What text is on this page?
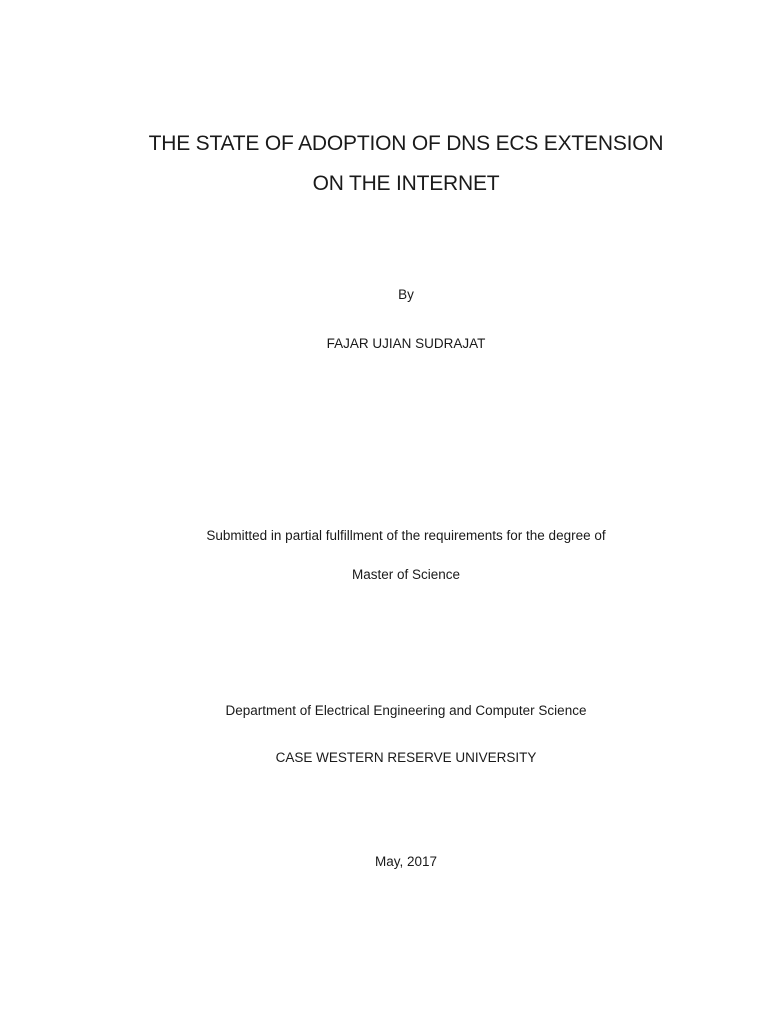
THE STATE OF ADOPTION OF DNS ECS EXTENSION
ON THE INTERNET
By
FAJAR UJIAN SUDRAJAT
Submitted in partial fulfillment of the requirements for the degree of
Master of Science
Department of Electrical Engineering and Computer Science
CASE WESTERN RESERVE UNIVERSITY
May, 2017
